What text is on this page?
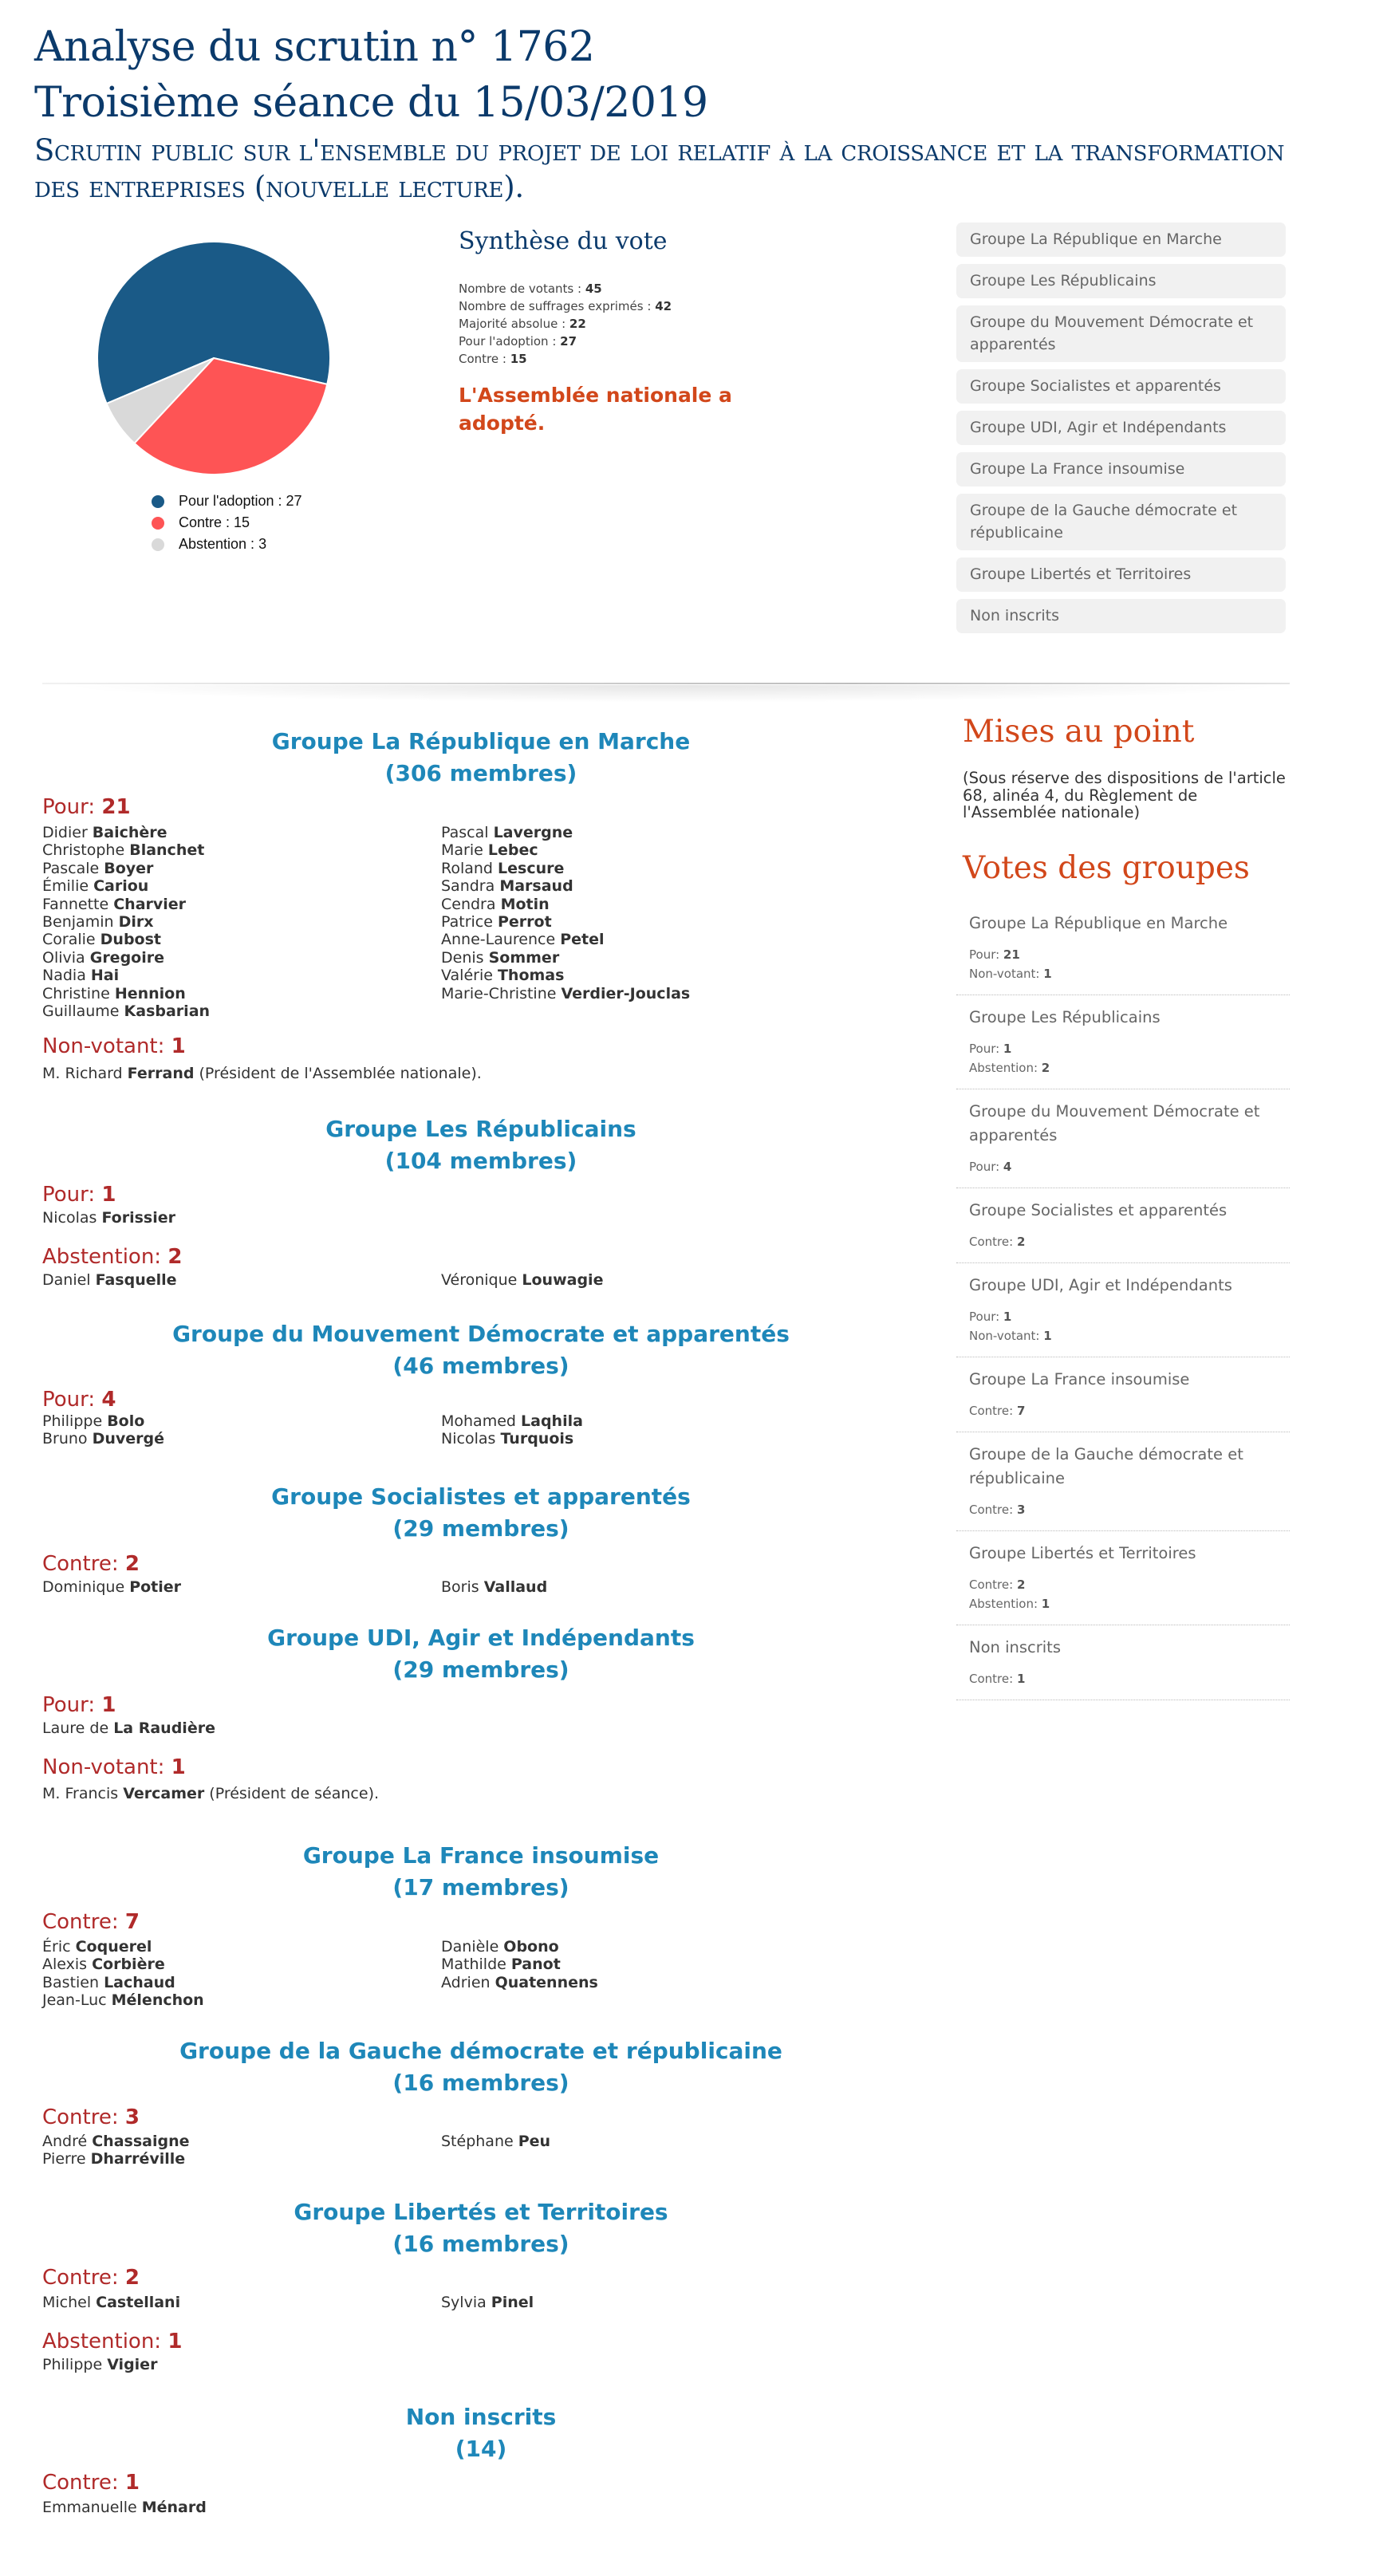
Analyse du scrutin n° 1762
Troisième séance du 15/03/2019
Scrutin public sur l'ensemble du projet de loi relatif à la croissance et la transformation des entreprises (nouvelle lecture).
Pour l'adoption : 27
Contre : 15
Abstention : 3
Synthèse du vote
Nombre de votants : 45
Nombre de suffrages exprimés : 42
Majorité absolue : 22
Pour l'adoption : 27
Contre : 15
L'Assemblée nationale a adopté.
Groupe La République en Marche
Groupe Les Républicains
Groupe du Mouvement Démocrate et apparentés
Groupe Socialistes et apparentés
Groupe UDI, Agir et Indépendants
Groupe La France insoumise
Groupe de la Gauche démocrate et républicaine
Groupe Libertés et Territoires
Non inscrits
Groupe La République en Marche
(306 membres)
Pour: 21
Didier Baichère
Christophe Blanchet
Pascale Boyer
Émilie Cariou
Fannette Charvier
Benjamin Dirx
Coralie Dubost
Olivia Gregoire
Nadia Hai
Christine Hennion
Guillaume Kasbarian
Pascal Lavergne
Marie Lebec
Roland Lescure
Sandra Marsaud
Cendra Motin
Patrice Perrot
Anne-Laurence Petel
Denis Sommer
Valérie Thomas
Marie-Christine Verdier-Jouclas
Non-votant: 1
M. Richard Ferrand (Président de l'Assemblée nationale).
Groupe Les Républicains
(104 membres)
Pour: 1
Nicolas Forissier
Abstention: 2
Daniel Fasquelle	Véronique Louwagie
Groupe du Mouvement Démocrate et apparentés
(46 membres)
Pour: 4
Philippe Bolo
Bruno Duvergé
Mohamed Laqhila
Nicolas Turquois
Groupe Socialistes et apparentés
(29 membres)
Contre: 2
Dominique Potier	Boris Vallaud
Groupe UDI, Agir et Indépendants
(29 membres)
Pour: 1
Laure de La Raudière
Non-votant: 1
M. Francis Vercamer (Président de séance).
Groupe La France insoumise
(17 membres)
Contre: 7
Éric Coquerel
Alexis Corbière
Bastien Lachaud
Jean-Luc Mélenchon
Danièle Obono
Mathilde Panot
Adrien Quatennens
Groupe de la Gauche démocrate et républicaine
(16 membres)
Contre: 3
André Chassaigne
Pierre Dharréville
Stéphane Peu
Groupe Libertés et Territoires
(16 membres)
Contre: 2
Michel Castellani	Sylvia Pinel
Abstention: 1
Philippe Vigier
Non inscrits
(14)
Contre: 1
Emmanuelle Ménard
Mises au point
(Sous réserve des dispositions de l'article 68, alinéa 4, du Règlement de l'Assemblée nationale)
Votes des groupes
Groupe La République en Marche
Pour: 21
Non-votant: 1
Groupe Les Républicains
Pour: 1
Abstention: 2
Groupe du Mouvement Démocrate et apparentés
Pour: 4
Groupe Socialistes et apparentés
Contre: 2
Groupe UDI, Agir et Indépendants
Pour: 1
Non-votant: 1
Groupe La France insoumise
Contre: 7
Groupe de la Gauche démocrate et républicaine
Contre: 3
Groupe Libertés et Territoires
Contre: 2
Abstention: 1
Non inscrits
Contre: 1
